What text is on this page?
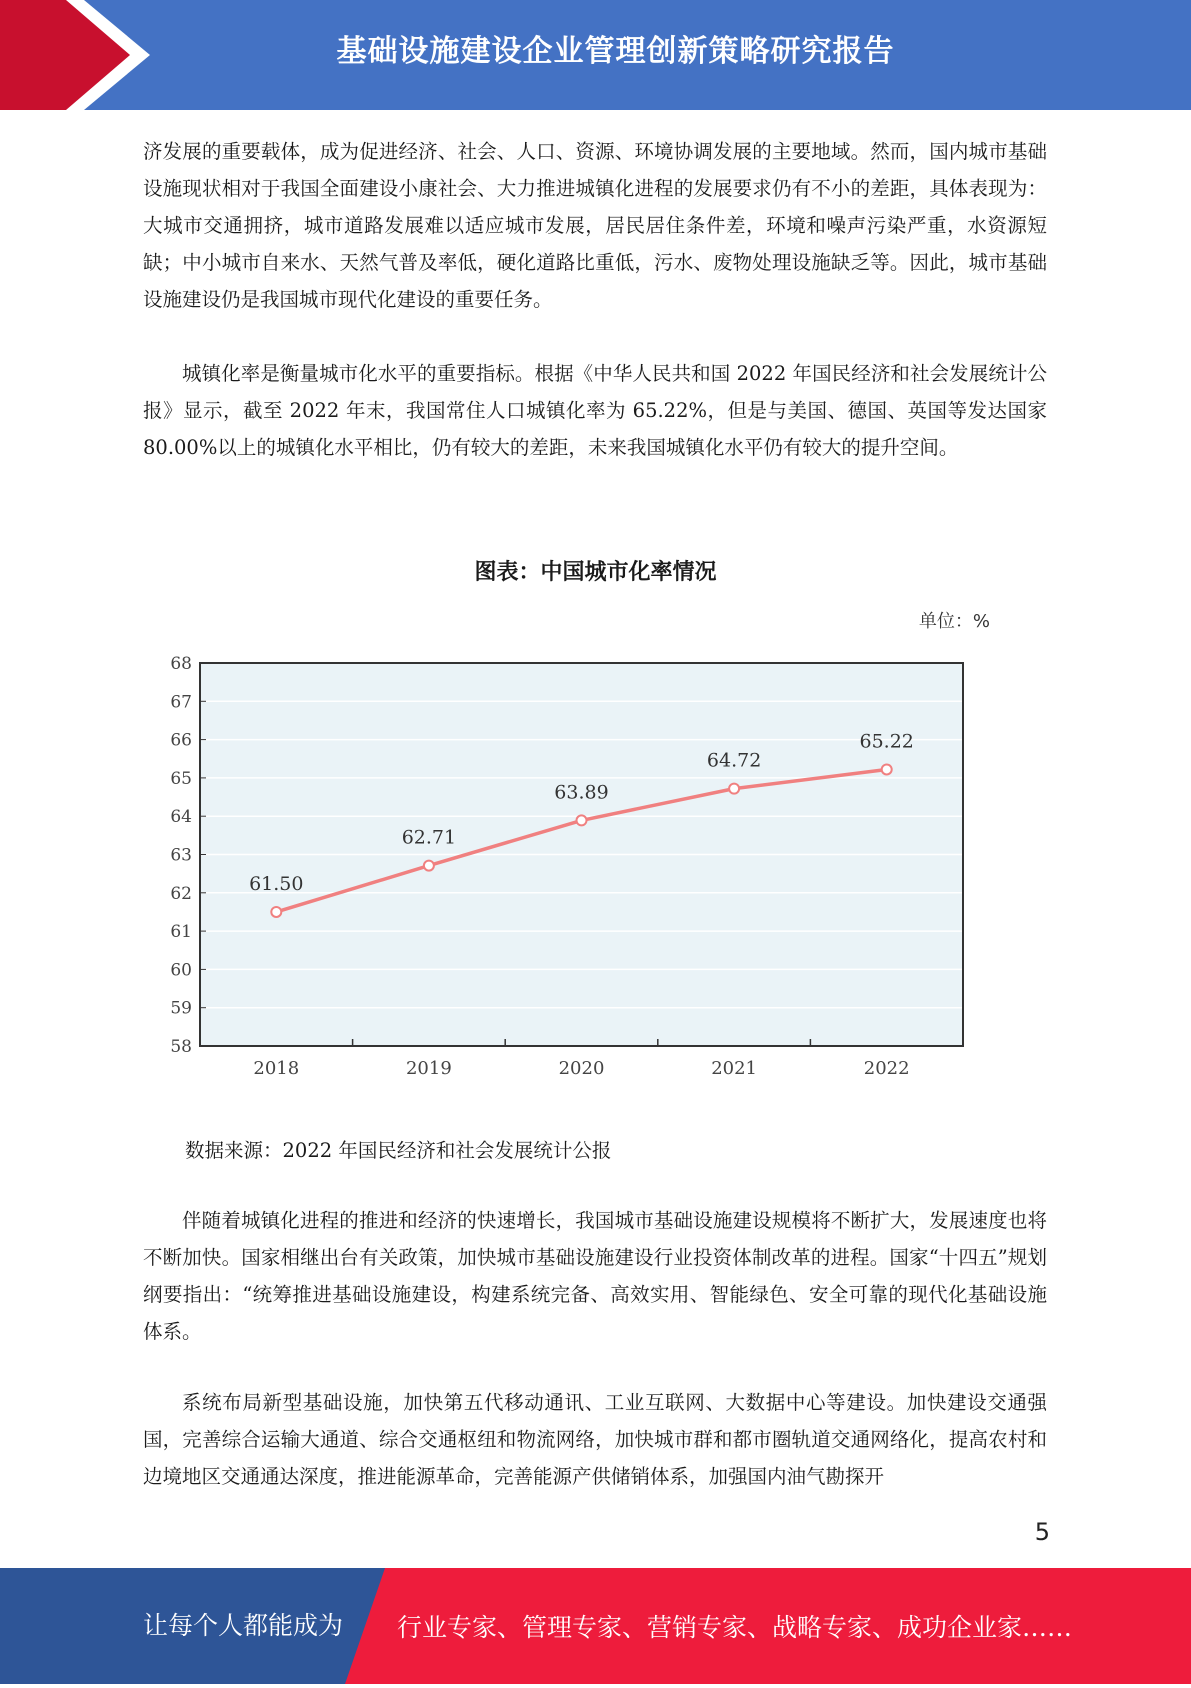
基础设施建设企业管理创新策略研究报告

济发展的重要载体，成为促进经济、社会、人口、资源、环境协调发展的主要地域。然而，国内城市基础设施现状相对于我国全面建设小康社会、大力推进城镇化进程的发展要求仍有不小的差距，具体表现为：大城市交通拥挤，城市道路发展难以适应城市发展，居民居住条件差，环境和噪声污染严重，水资源短缺；中小城市自来水、天然气普及率低，硬化道路比重低，污水、废物处理设施缺乏等。因此，城市基础设施建设仍是我国城市现代化建设的重要任务。

城镇化率是衡量城市化水平的重要指标。根据《中华人民共和国 2022 年国民经济和社会发展统计公报》显示，截至 2022 年末，我国常住人口城镇化率为 65.22%，但是与美国、德国、英国等发达国家 80.00%以上的城镇化水平相比，仍有较大的差距，未来我国城镇化水平仍有较大的提升空间。

图表：中国城市化率情况
单位：%
58
59
60
61
62
63
64
65
66
67
68
61.50
62.71
63.89
64.72
65.22
2018	2019	2020	2021	2022
数据来源：2022 年国民经济和社会发展统计公报

伴随着城镇化进程的推进和经济的快速增长，我国城市基础设施建设规模将不断扩大，发展速度也将不断加快。国家相继出台有关政策，加快城市基础设施建设行业投资体制改革的进程。国家“十四五”规划纲要指出：“统筹推进基础设施建设，构建系统完备、高效实用、智能绿色、安全可靠的现代化基础设施体系。

系统布局新型基础设施，加快第五代移动通讯、工业互联网、大数据中心等建设。加快建设交通强国，完善综合运输大通道、综合交通枢纽和物流网络，加快城市群和都市圈轨道交通网络化，提高农村和边境地区交通通达深度，推进能源革命，完善能源产供储销体系，加强国内油气勘探开

5
让每个人都能成为 行业专家、管理专家、营销专家、战略专家、成功企业家……
